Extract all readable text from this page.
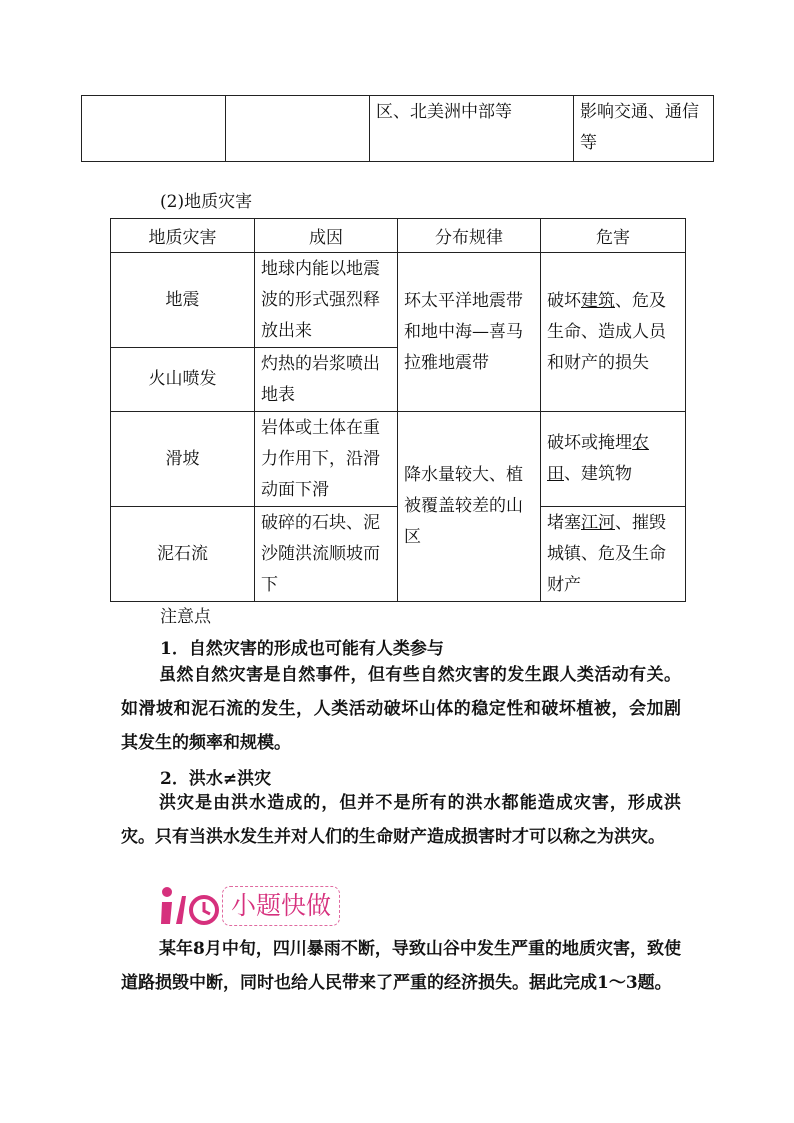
		区、北美洲中部等	影响交通、通信等
(2)地质灾害
地质灾害	成因	分布规律	危害
地震	地球内能以地震波的形式强烈释放出来	环太平洋地震带和地中海—喜马拉雅地震带	破坏建筑、危及生命、造成人员和财产的损失
火山喷发	灼热的岩浆喷出地表		
滑坡	岩体或土体在重力作用下，沿滑动面下滑	降水量较大、植被覆盖较差的山区	破坏或掩埋农田、建筑物
泥石流	破碎的石块、泥沙随洪流顺坡而下		堵塞江河、摧毁城镇、危及生命财产
注意点
1．自然灾害的形成也可能有人类参与

虽然自然灾害是自然事件，但有些自然灾害的发生跟人类活动有关。如滑坡和泥石流的发生，人类活动破坏山体的稳定性和破坏植被，会加剧其发生的频率和规模。

2．洪水≠洪灾

洪灾是由洪水造成的，但并不是所有的洪水都能造成灾害，形成洪灾。只有当洪水发生并对人们的生命财产造成损害时才可以称之为洪灾。

小题快做

某年8月中旬，四川暴雨不断，导致山谷中发生严重的地质灾害，致使道路损毁中断，同时也给人民带来了严重的经济损失。据此完成1～3题。
